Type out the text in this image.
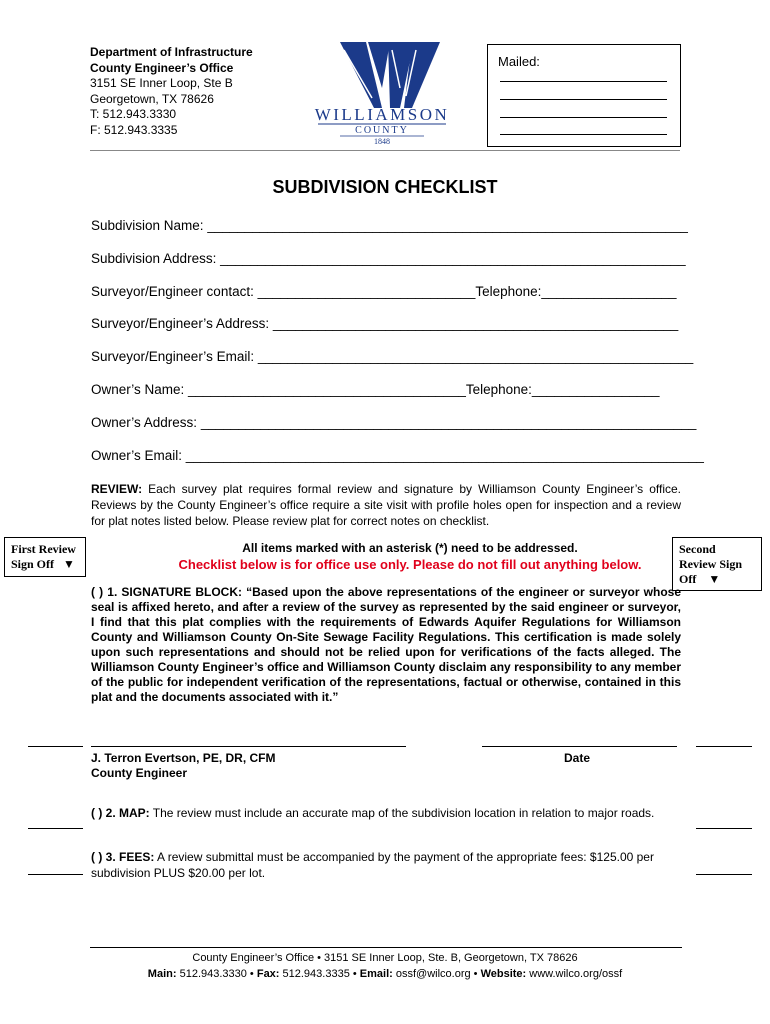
Department of Infrastructure
County Engineer’s Office
3151 SE Inner Loop, Ste B
Georgetown, TX 78626
T: 512.943.3330
F: 512.943.3335
WILLIAMSON
COUNTY
1848
Mailed:
SUBDIVISION CHECKLIST
Subdivision Name: ________________________________________________________________
Subdivision Address: ______________________________________________________________
Surveyor/Engineer contact: _____________________________Telephone:__________________
Surveyor/Engineer’s Address: ______________________________________________________
Surveyor/Engineer’s Email: __________________________________________________________
Owner’s Name: _____________________________________Telephone:_________________
Owner’s Address: __________________________________________________________________
Owner’s Email: _____________________________________________________________________
REVIEW: Each survey plat requires formal review and signature by Williamson County Engineer’s office. Reviews by the County Engineer’s office require a site visit with profile holes open for inspection and a review for plat notes listed below. Please review plat for correct notes on checklist.
First Review
Sign Off ▼
Second
Review Sign
Off ▼
All items marked with an asterisk (*) need to be addressed.
Checklist below is for office use only. Please do not fill out anything below.
( ) 1. SIGNATURE BLOCK: “Based upon the above representations of the engineer or surveyor whose seal is affixed hereto, and after a review of the survey as represented by the said engineer or surveyor, I find that this plat complies with the requirements of Edwards Aquifer Regulations for Williamson County and Williamson County On-Site Sewage Facility Regulations. This certification is made solely upon such representations and should not be relied upon for verifications of the facts alleged. The Williamson County Engineer’s office and Williamson County disclaim any responsibility to any member of the public for independent verification of the representations, factual or otherwise, contained in this plat and the documents associated with it.”
J. Terron Evertson, PE, DR, CFM
County Engineer
Date
( ) 2. MAP: The review must include an accurate map of the subdivision location in relation to major roads.
( ) 3. FEES: A review submittal must be accompanied by the payment of the appropriate fees: $125.00 per subdivision PLUS $20.00 per lot.
County Engineer’s Office • 3151 SE Inner Loop, Ste. B, Georgetown, TX 78626
Main: 512.943.3330 • Fax: 512.943.3335 • Email: ossf@wilco.org • Website: www.wilco.org/ossf
